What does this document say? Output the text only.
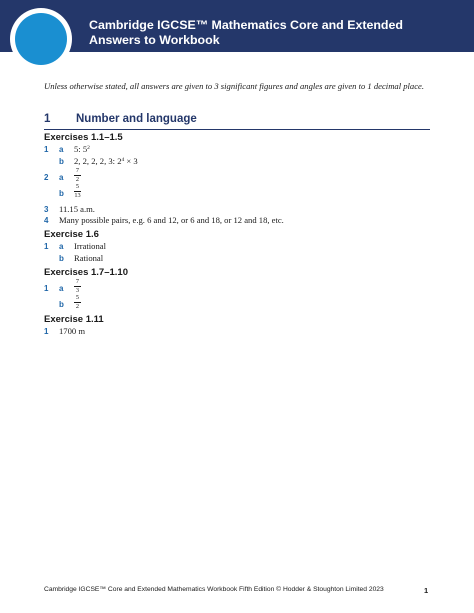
Cambridge IGCSE™ Mathematics Core and Extended
Answers to Workbook
Unless otherwise stated, all answers are given to 3 significant figures and angles are given to 1 decimal place.
1 Number and language
Exercises 1.1–1.5
1 a 5: $5^2$
b 2, 2, 2, 2, 3: $2^4 \times 3$
2 a
7
2
b
5
13
3 11.15 a.m.
4 Many possible pairs, e.g. 6 and 12, or 6 and 18, or 12 and 18, etc.
Exercise 1.6
1 a Irrational
b Rational
Exercises 1.7–1.10
1 a
7
3
b
5
2
Exercise 1.11
1 1700 m
Cambridge IGCSE™ Core and Extended Mathematics Workbook Fifth Edition © Hodder & Stoughton Limited 2023	1
